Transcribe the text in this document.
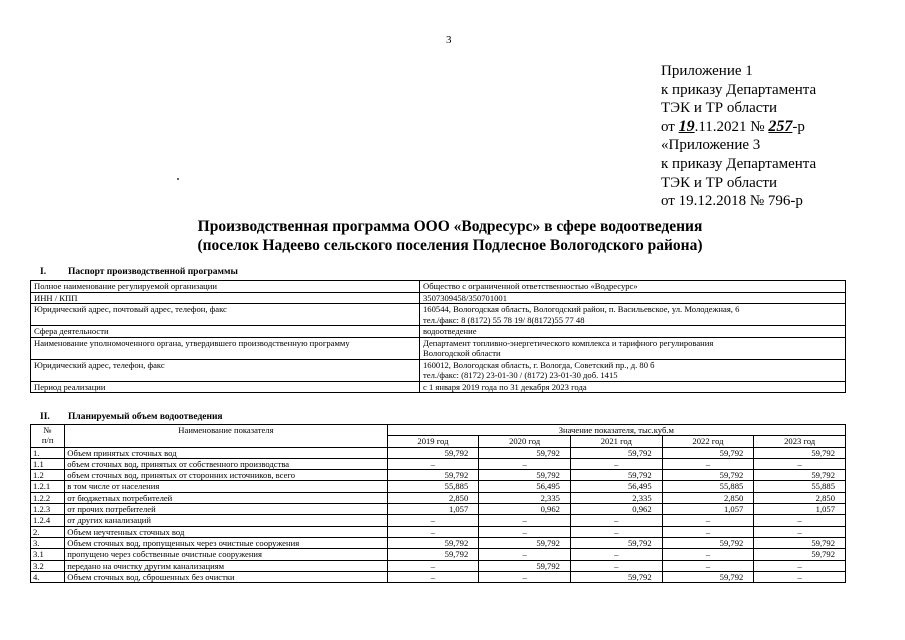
3
Приложение 1
к приказу Департамента
ТЭК и ТР области
от 19.11.2021 № 257-р
«Приложение 3
к приказу Департамента
ТЭК и ТР области
от 19.12.2018 № 796-р
Производственная программа ООО «Водресурс» в сфере водоотведения
(поселок Надеево сельского поселения Подлесное Вологодского района)
I. Паспорт производственной программы
Полное наименование регулируемой организации	Общество с ограниченной ответственностью «Водресурс»
ИНН / КПП	3507309458/350701001
Юридический адрес, почтовый адрес, телефон, факс	160544, Вологодская область, Вологодский район, п. Васильевское, ул. Молодежная, 6
тел./факс: 8 (8172) 55 78 19/ 8(8172)55 77 48
Сфера деятельности	водоотведение
Наименование уполномоченного органа, утвердившего производственную программу	Департамент топливно-энергетического комплекса и тарифного регулирования
Вологодской области
Юридический адрес, телефон, факс	160012, Вологодская область, г. Вологда, Советский пр., д. 80 б
тел./факс: (8172) 23-01-30 / (8172) 23-01-30 доб. 1415
Период реализации	с 1 января 2019 года по 31 декабря 2023 года
II. Планируемый объем водоотведения
№
п/п	Наименование показателя	Значение показателя, тыс.куб.м				
		2019 год	2020 год	2021 год	2022 год	2023 год
1.	Объем принятых сточных вод	59,792	59,792	59,792	59,792	59,792
1.1	объем сточных вод, принятых от собственного производства	–	–	–	–	–
1.2	объем сточных вод, принятых от сторонних источников, всего	59,792	59,792	59,792	59,792	59,792
1.2.1	в том числе от населения	55,885	56,495	56,495	55,885	55,885
1.2.2	от бюджетных потребителей	2,850	2,335	2,335	2,850	2,850
1.2.3	от прочих потребителей	1,057	0,962	0,962	1,057	1,057
1.2.4	от других канализаций	–	–	–	–	–
2.	Объем неучтенных сточных вод	–	–	–	–	–
3.	Объем сточных вод, пропущенных через очистные сооружения	59,792	59,792	59,792	59,792	59,792
3.1	пропущено через собственные очистные сооружения	59,792	–	–	–	59,792
3.2	передано на очистку другим канализациям	–	59,792	–	–	–
4.	Объем сточных вод, сброшенных без очистки	–	–	59,792	59,792	–
